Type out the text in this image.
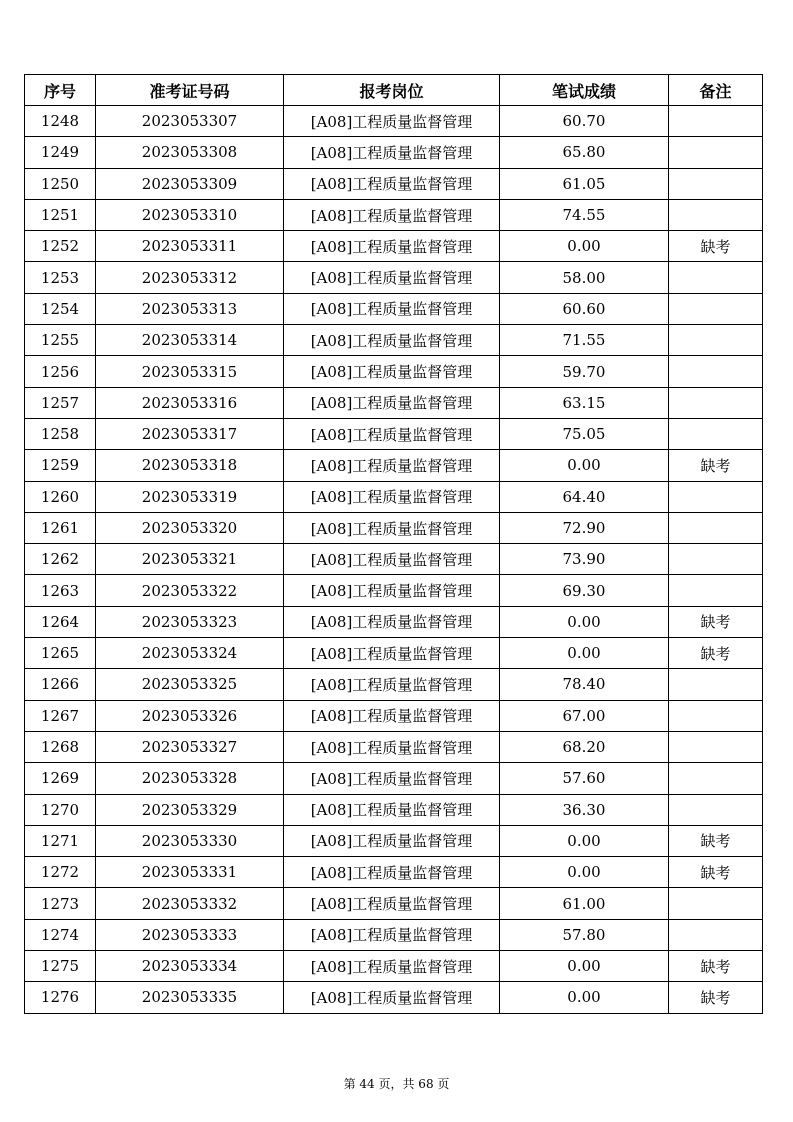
序号	准考证号码	报考岗位	笔试成绩	备注
1248	2023053307	[A08]工程质量监督管理	60.70	
1249	2023053308	[A08]工程质量监督管理	65.80	
1250	2023053309	[A08]工程质量监督管理	61.05	
1251	2023053310	[A08]工程质量监督管理	74.55	
1252	2023053311	[A08]工程质量监督管理	0.00	缺考
1253	2023053312	[A08]工程质量监督管理	58.00	
1254	2023053313	[A08]工程质量监督管理	60.60	
1255	2023053314	[A08]工程质量监督管理	71.55	
1256	2023053315	[A08]工程质量监督管理	59.70	
1257	2023053316	[A08]工程质量监督管理	63.15	
1258	2023053317	[A08]工程质量监督管理	75.05	
1259	2023053318	[A08]工程质量监督管理	0.00	缺考
1260	2023053319	[A08]工程质量监督管理	64.40	
1261	2023053320	[A08]工程质量监督管理	72.90	
1262	2023053321	[A08]工程质量监督管理	73.90	
1263	2023053322	[A08]工程质量监督管理	69.30	
1264	2023053323	[A08]工程质量监督管理	0.00	缺考
1265	2023053324	[A08]工程质量监督管理	0.00	缺考
1266	2023053325	[A08]工程质量监督管理	78.40	
1267	2023053326	[A08]工程质量监督管理	67.00	
1268	2023053327	[A08]工程质量监督管理	68.20	
1269	2023053328	[A08]工程质量监督管理	57.60	
1270	2023053329	[A08]工程质量监督管理	36.30	
1271	2023053330	[A08]工程质量监督管理	0.00	缺考
1272	2023053331	[A08]工程质量监督管理	0.00	缺考
1273	2023053332	[A08]工程质量监督管理	61.00	
1274	2023053333	[A08]工程质量监督管理	57.80	
1275	2023053334	[A08]工程质量监督管理	0.00	缺考
1276	2023053335	[A08]工程质量监督管理	0.00	缺考
第 44 页，共 68 页
